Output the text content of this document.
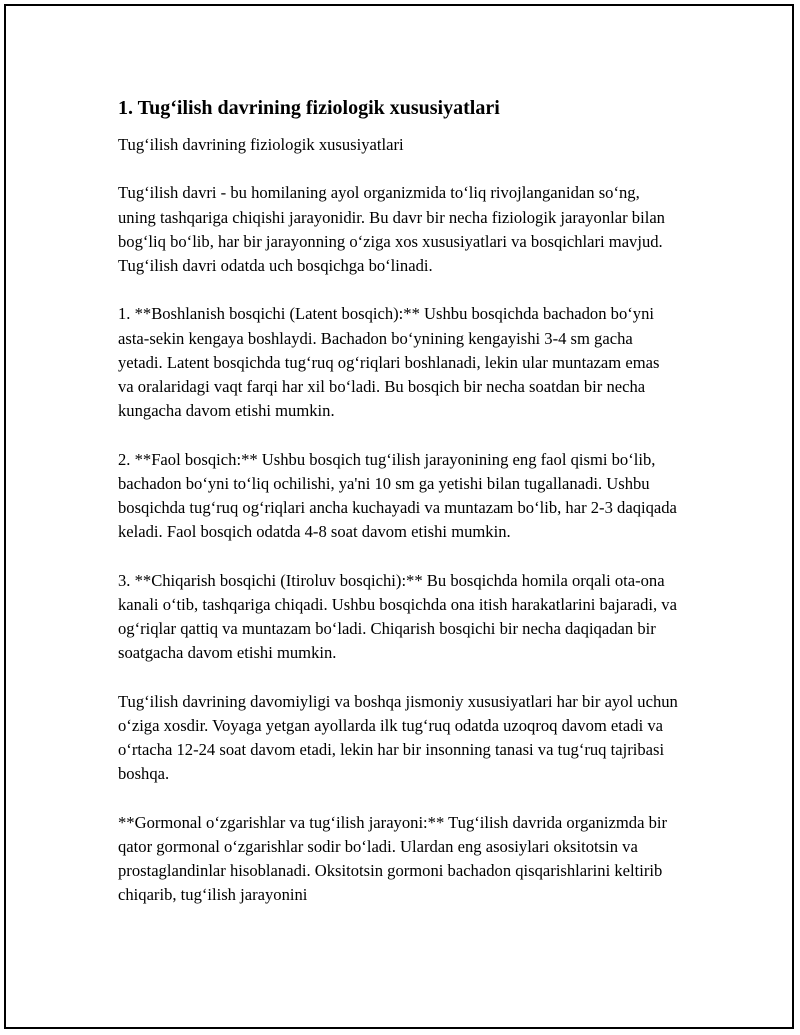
1. Tug‘ilish davrining fiziologik xususiyatlari

Tug‘ilish davrining fiziologik xususiyatlari

Tug‘ilish davri - bu homilaning ayol organizmida to‘liq rivojlanganidan so‘ng, uning tashqariga chiqishi jarayonidir. Bu davr bir necha fiziologik jarayonlar bilan bog‘liq bo‘lib, har bir jarayonning o‘ziga xos xususiyatlari va bosqichlari mavjud. Tug‘ilish davri odatda uch bosqichga bo‘linadi.

1. **Boshlanish bosqichi (Latent bosqich):** Ushbu bosqichda bachadon bo‘yni asta-sekin kengaya boshlaydi. Bachadon bo‘ynining kengayishi 3-4 sm gacha yetadi. Latent bosqichda tug‘ruq og‘riqlari boshlanadi, lekin ular muntazam emas va oralaridagi vaqt farqi har xil bo‘ladi. Bu bosqich bir necha soatdan bir necha kungacha davom etishi mumkin.

2. **Faol bosqich:** Ushbu bosqich tug‘ilish jarayonining eng faol qismi bo‘lib, bachadon bo‘yni to‘liq ochilishi, ya'ni 10 sm ga yetishi bilan tugallanadi. Ushbu bosqichda tug‘ruq og‘riqlari ancha kuchayadi va muntazam bo‘lib, har 2-3 daqiqada keladi. Faol bosqich odatda 4-8 soat davom etishi mumkin.

3. **Chiqarish bosqichi (Itiroluv bosqichi):** Bu bosqichda homila orqali ota-ona kanali o‘tib, tashqariga chiqadi. Ushbu bosqichda ona itish harakatlarini bajaradi, va og‘riqlar qattiq va muntazam bo‘ladi. Chiqarish bosqichi bir necha daqiqadan bir soatgacha davom etishi mumkin.

Tug‘ilish davrining davomiyligi va boshqa jismoniy xususiyatlari har bir ayol uchun o‘ziga xosdir. Voyaga yetgan ayollarda ilk tug‘ruq odatda uzoqroq davom etadi va o‘rtacha 12-24 soat davom etadi, lekin har bir insonning tanasi va tug‘ruq tajribasi boshqa.

**Gormonal o‘zgarishlar va tug‘ilish jarayoni:** Tug‘ilish davrida organizmda bir qator gormonal o‘zgarishlar sodir bo‘ladi. Ulardan eng asosiylari oksitotsin va prostaglandinlar hisoblanadi. Oksitotsin gormoni bachadon qisqarishlarini keltirib chiqarib, tug‘ilish jarayonini
